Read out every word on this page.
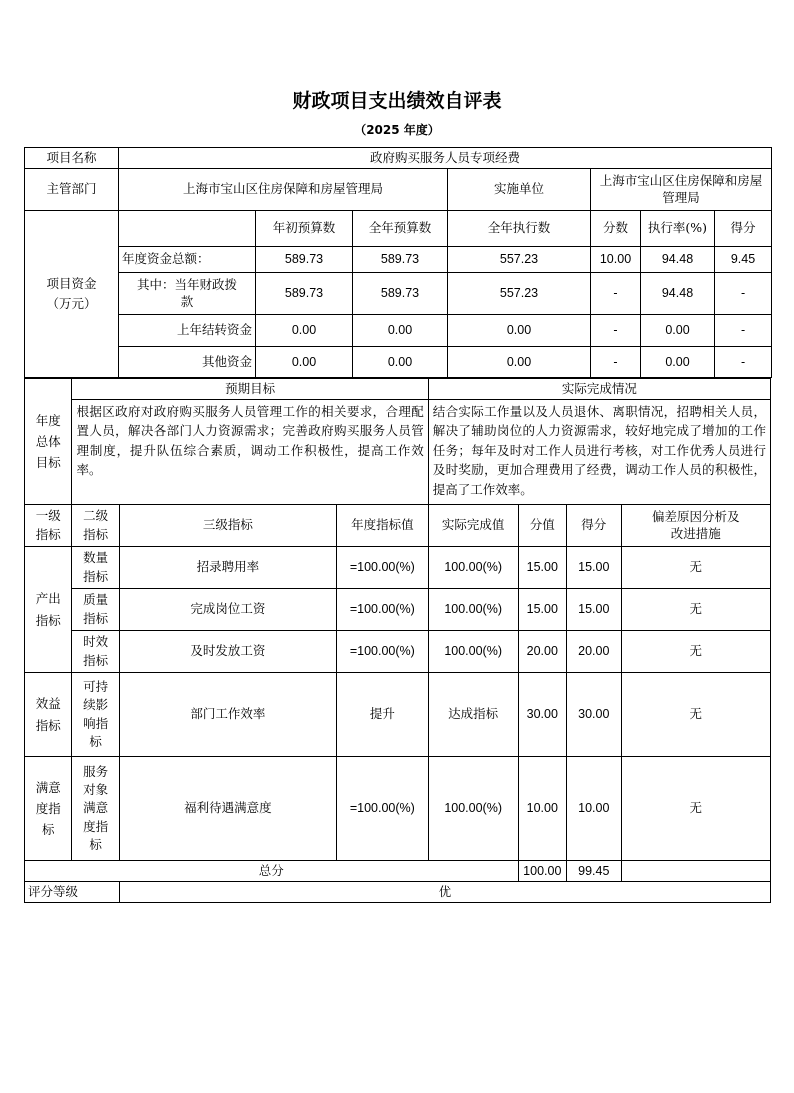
财政项目支出绩效自评表
（2025 年度）
项目名称	政府购买服务人员专项经费						
主管部门	上海市宝山区住房保障和房屋管理局			实施单位	上海市宝山区住房保障和房屋管理局		
项目资金（万元）		年初预算数	全年预算数	全年执行数	分数	执行率(%)	得分
	年度资金总额：	589.73	589.73	557.23	10.00	94.48	9.45
	其中：当年财政拨款	589.73	589.73	557.23	-	94.48	-
	上年结转资金	0.00	0.00	0.00	-	0.00	-
	其他资金	0.00	0.00	0.00	-	0.00	-
年度总体目标	预期目标			实际完成情况			
	根据区政府对政府购买服务人员管理工作的相关要求，合理配置人员，解决各部门人力资源需求；完善政府购买服务人员管理制度，提升队伍综合素质，调动工作积极性，提高工作效率。			结合实际工作量以及人员退休、离职情况，招聘相关人员，解决了辅助岗位的人力资源需求，较好地完成了增加的工作任务；每年及时对工作人员进行考核，对工作优秀人员进行及时奖励，更加合理费用了经费，调动工作人员的积极性，提高了工作效率。			
一级指标	二级指标	三级指标	年度指标值	实际完成值	分值	得分	偏差原因分析及改进措施
产出指标	数量指标	招录聘用率	=100.00(%)	100.00(%)	15.00	15.00	无
	质量指标	完成岗位工资	=100.00(%)	100.00(%)	15.00	15.00	无
	时效指标	及时发放工资	=100.00(%)	100.00(%)	20.00	20.00	无
效益指标	可持续影响指标	部门工作效率	提升	达成指标	30.00	30.00	无
满意度指标	服务对象满意度指标	福利待遇满意度	=100.00(%)	100.00(%)	10.00	10.00	无
总分					100.00	99.45	
评分等级		优					
